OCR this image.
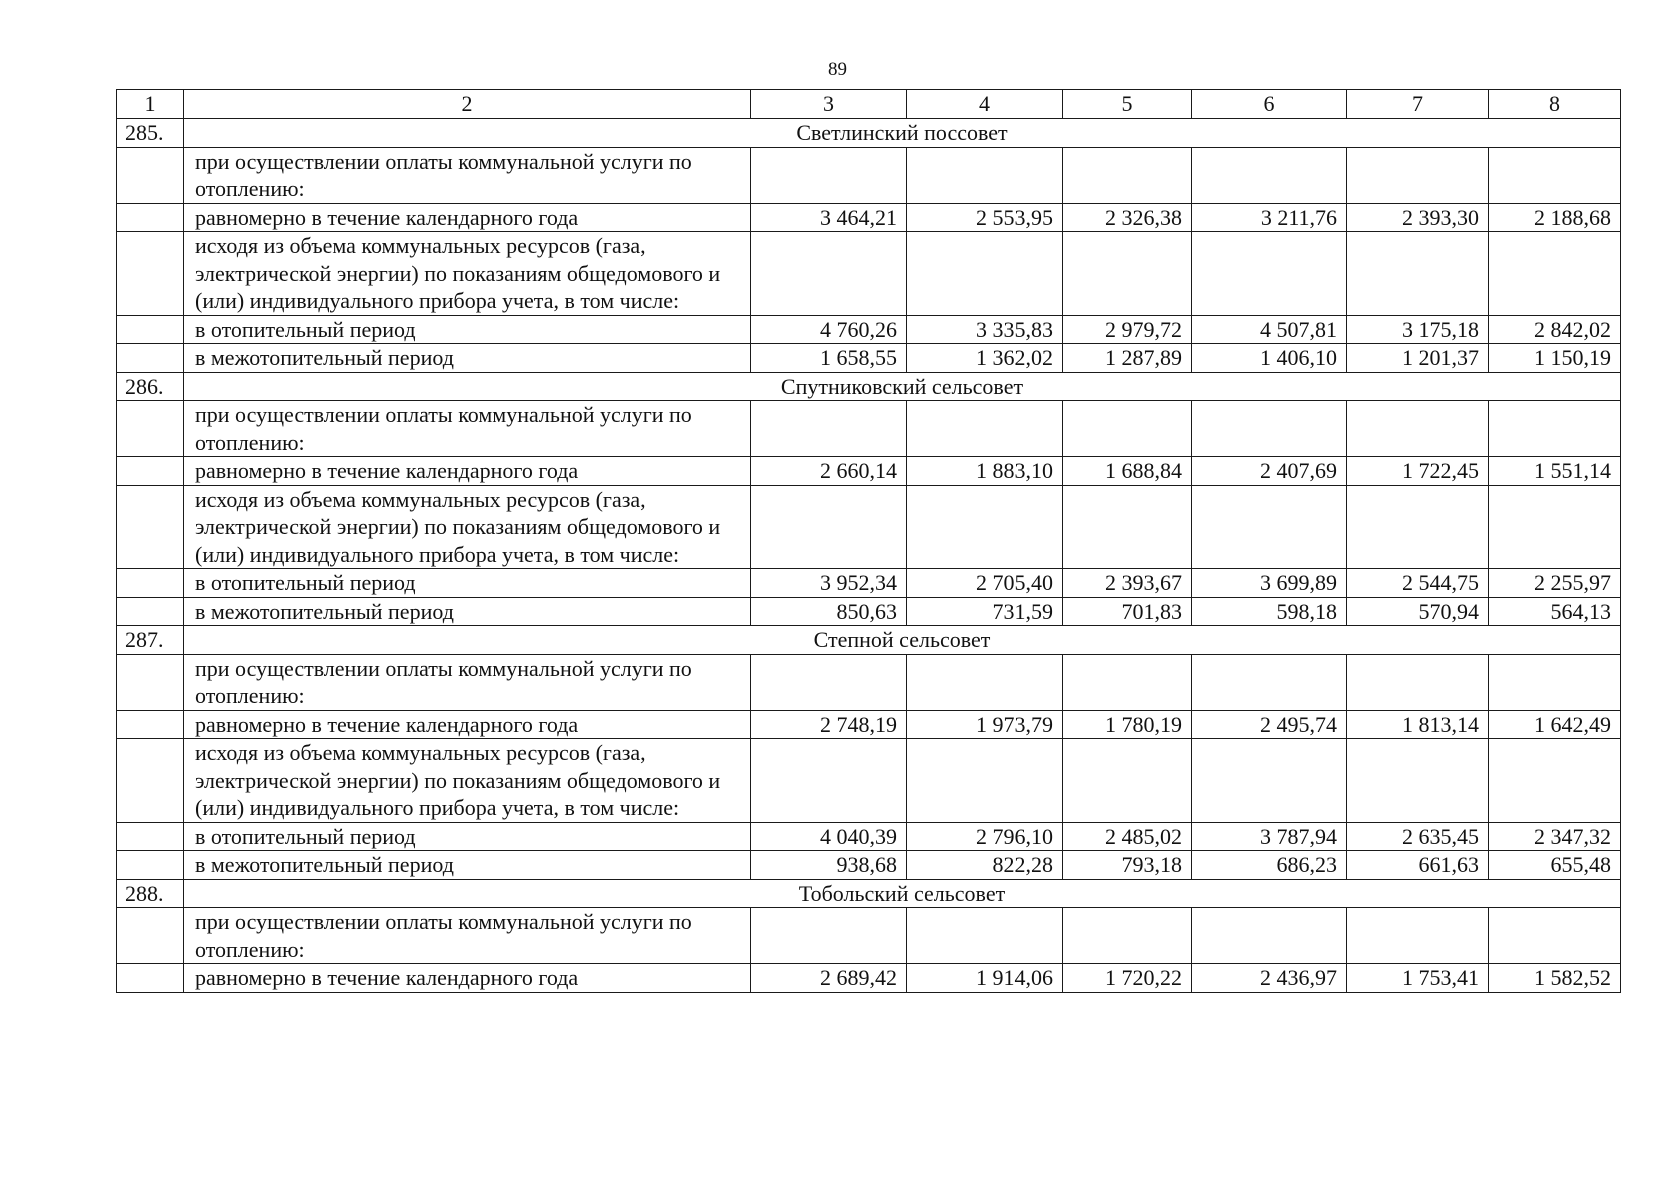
89
1	2	3	4	5	6	7	8
285.	Светлинский поссовет						
	при осуществлении оплаты коммунальной услуги по отоплению:						
	равномерно в течение календарного года	3 464,21	2 553,95	2 326,38	3 211,76	2 393,30	2 188,68
	исходя из объема коммунальных ресурсов (газа, электрической энергии) по показаниям общедомового и (или) индивидуального прибора учета, в том числе:						
	в отопительный период	4 760,26	3 335,83	2 979,72	4 507,81	3 175,18	2 842,02
	в межотопительный период	1 658,55	1 362,02	1 287,89	1 406,10	1 201,37	1 150,19
286.	Спутниковский сельсовет						
	при осуществлении оплаты коммунальной услуги по отоплению:						
	равномерно в течение календарного года	2 660,14	1 883,10	1 688,84	2 407,69	1 722,45	1 551,14
	исходя из объема коммунальных ресурсов (газа, электрической энергии) по показаниям общедомового и (или) индивидуального прибора учета, в том числе:						
	в отопительный период	3 952,34	2 705,40	2 393,67	3 699,89	2 544,75	2 255,97
	в межотопительный период	850,63	731,59	701,83	598,18	570,94	564,13
287.	Степной сельсовет						
	при осуществлении оплаты коммунальной услуги по отоплению:						
	равномерно в течение календарного года	2 748,19	1 973,79	1 780,19	2 495,74	1 813,14	1 642,49
	исходя из объема коммунальных ресурсов (газа, электрической энергии) по показаниям общедомового и (или) индивидуального прибора учета, в том числе:						
	в отопительный период	4 040,39	2 796,10	2 485,02	3 787,94	2 635,45	2 347,32
	в межотопительный период	938,68	822,28	793,18	686,23	661,63	655,48
288.	Тобольский сельсовет						
	при осуществлении оплаты коммунальной услуги по отоплению:						
	равномерно в течение календарного года	2 689,42	1 914,06	1 720,22	2 436,97	1 753,41	1 582,52
